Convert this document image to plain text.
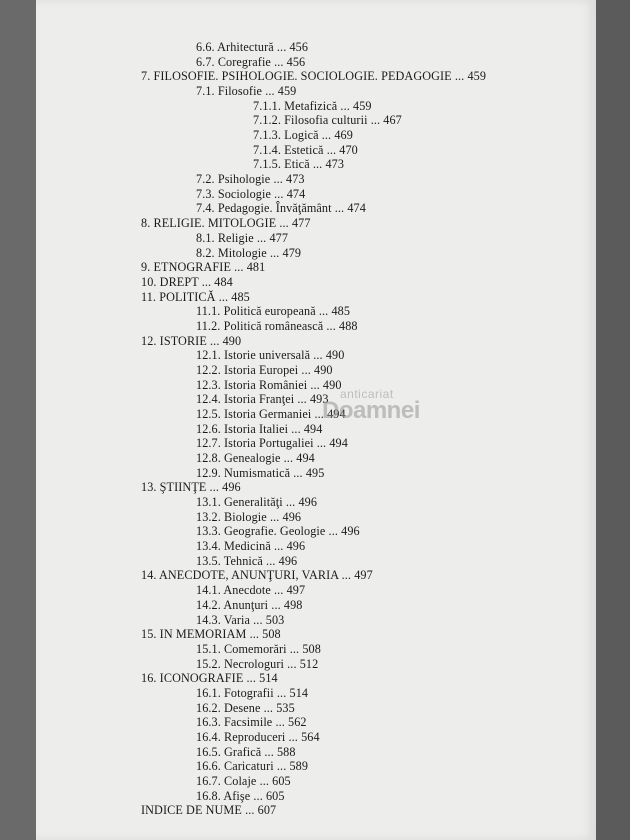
6.6. Arhitectură ... 456
6.7. Coregrafie ... 456
7. FILOSOFIE. PSIHOLOGIE. SOCIOLOGIE. PEDAGOGIE ... 459
7.1. Filosofie ... 459
7.1.1. Metafizică ... 459
7.1.2. Filosofia culturii ... 467
7.1.3. Logică ... 469
7.1.4. Estetică ... 470
7.1.5. Etică ... 473
7.2. Psihologie ... 473
7.3. Sociologie ... 474
7.4. Pedagogie. Învăţământ ... 474
8. RELIGIE. MITOLOGIE ... 477
8.1. Religie ... 477
8.2. Mitologie ... 479
9. ETNOGRAFIE ... 481
10. DREPT ... 484
11. POLITICĂ ... 485
11.1. Politică europeană ... 485
11.2. Politică românească ... 488
12. ISTORIE ... 490
12.1. Istorie universală ... 490
12.2. Istoria Europei ... 490
12.3. Istoria României ... 490
12.4. Istoria Franţei ... 493
12.5. Istoria Germaniei ... 494
12.6. Istoria Italiei ... 494
12.7. Istoria Portugaliei ... 494
12.8. Genealogie ... 494
12.9. Numismatică ... 495
13. ŞTIINŢE ... 496
13.1. Generalităţi ... 496
13.2. Biologie ... 496
13.3. Geografie. Geologie ... 496
13.4. Medicină ... 496
13.5. Tehnică ... 496
14. ANECDOTE, ANUNŢURI, VARIA ... 497
14.1. Anecdote ... 497
14.2. Anunţuri ... 498
14.3. Varia ... 503
15. IN MEMORIAM ... 508
15.1. Comemorări ... 508
15.2. Necrologuri ... 512
16. ICONOGRAFIE ... 514
16.1. Fotografii ... 514
16.2. Desene ... 535
16.3. Facsimile ... 562
16.4. Reproduceri ... 564
16.5. Grafică ... 588
16.6. Caricaturi ... 589
16.7. Colaje ... 605
16.8. Afişe ... 605
INDICE DE NUME ... 607
anticariat
Doamnei
